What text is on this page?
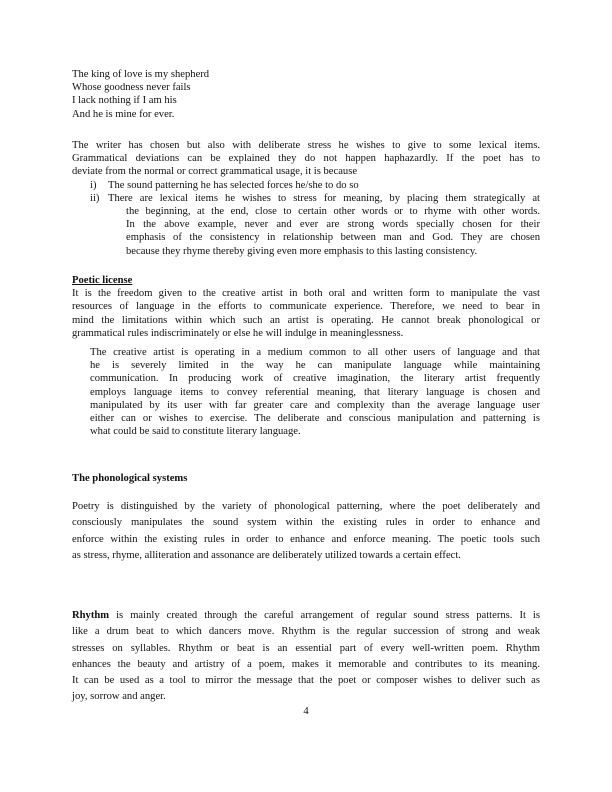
The king of love is my shepherd
Whose goodness never fails
I lack nothing if I am his
And he is mine for ever.
The writer has chosen but also with deliberate stress he wishes to give to some lexical items.
Grammatical deviations can be explained they do not happen haphazardly. If the poet has to
deviate from the normal or correct grammatical usage, it is because
i)	The sound patterning he has selected forces he/she to do so
ii) There are lexical items he wishes to stress for meaning, by placing them strategically at
the beginning, at the end, close to certain other words or to rhyme with other words.
In the above example, never and ever are strong words specially chosen for their
emphasis of the consistency in relationship between man and God. They are chosen
because they rhyme thereby giving even more emphasis to this lasting consistency.
Poetic license
It is the freedom given to the creative artist in both oral and written form to manipulate the vast
resources of language in the efforts to communicate experience. Therefore, we need to bear in
mind the limitations within which such an artist is operating. He cannot break phonological or
grammatical rules indiscriminately or else he will indulge in meaninglessness.
The creative artist is operating in a medium common to all other users of language and that
he is severely limited in the way he can manipulate language while maintaining
communication. In producing work of creative imagination, the literary artist frequently
employs language items to convey referential meaning, that literary language is chosen and
manipulated by its user with far greater care and complexity than the average language user
either can or wishes to exercise. The deliberate and conscious manipulation and patterning is
what could be said to constitute literary language.
The phonological systems
Poetry is distinguished by the variety of phonological patterning, where the poet deliberately and
consciously manipulates the sound system within the existing rules in order to enhance and
enforce within the existing rules in order to enhance and enforce meaning. The poetic tools such
as stress, rhyme, alliteration and assonance are deliberately utilized towards a certain effect.
Rhythm is mainly created through the careful arrangement of regular sound stress patterns. It is
like a drum beat to which dancers move. Rhythm is the regular succession of strong and weak
stresses on syllables. Rhythm or beat is an essential part of every well-written poem. Rhythm
enhances the beauty and artistry of a poem, makes it memorable and contributes to its meaning.
It can be used as a tool to mirror the message that the poet or composer wishes to deliver such as
joy, sorrow and anger.
4
